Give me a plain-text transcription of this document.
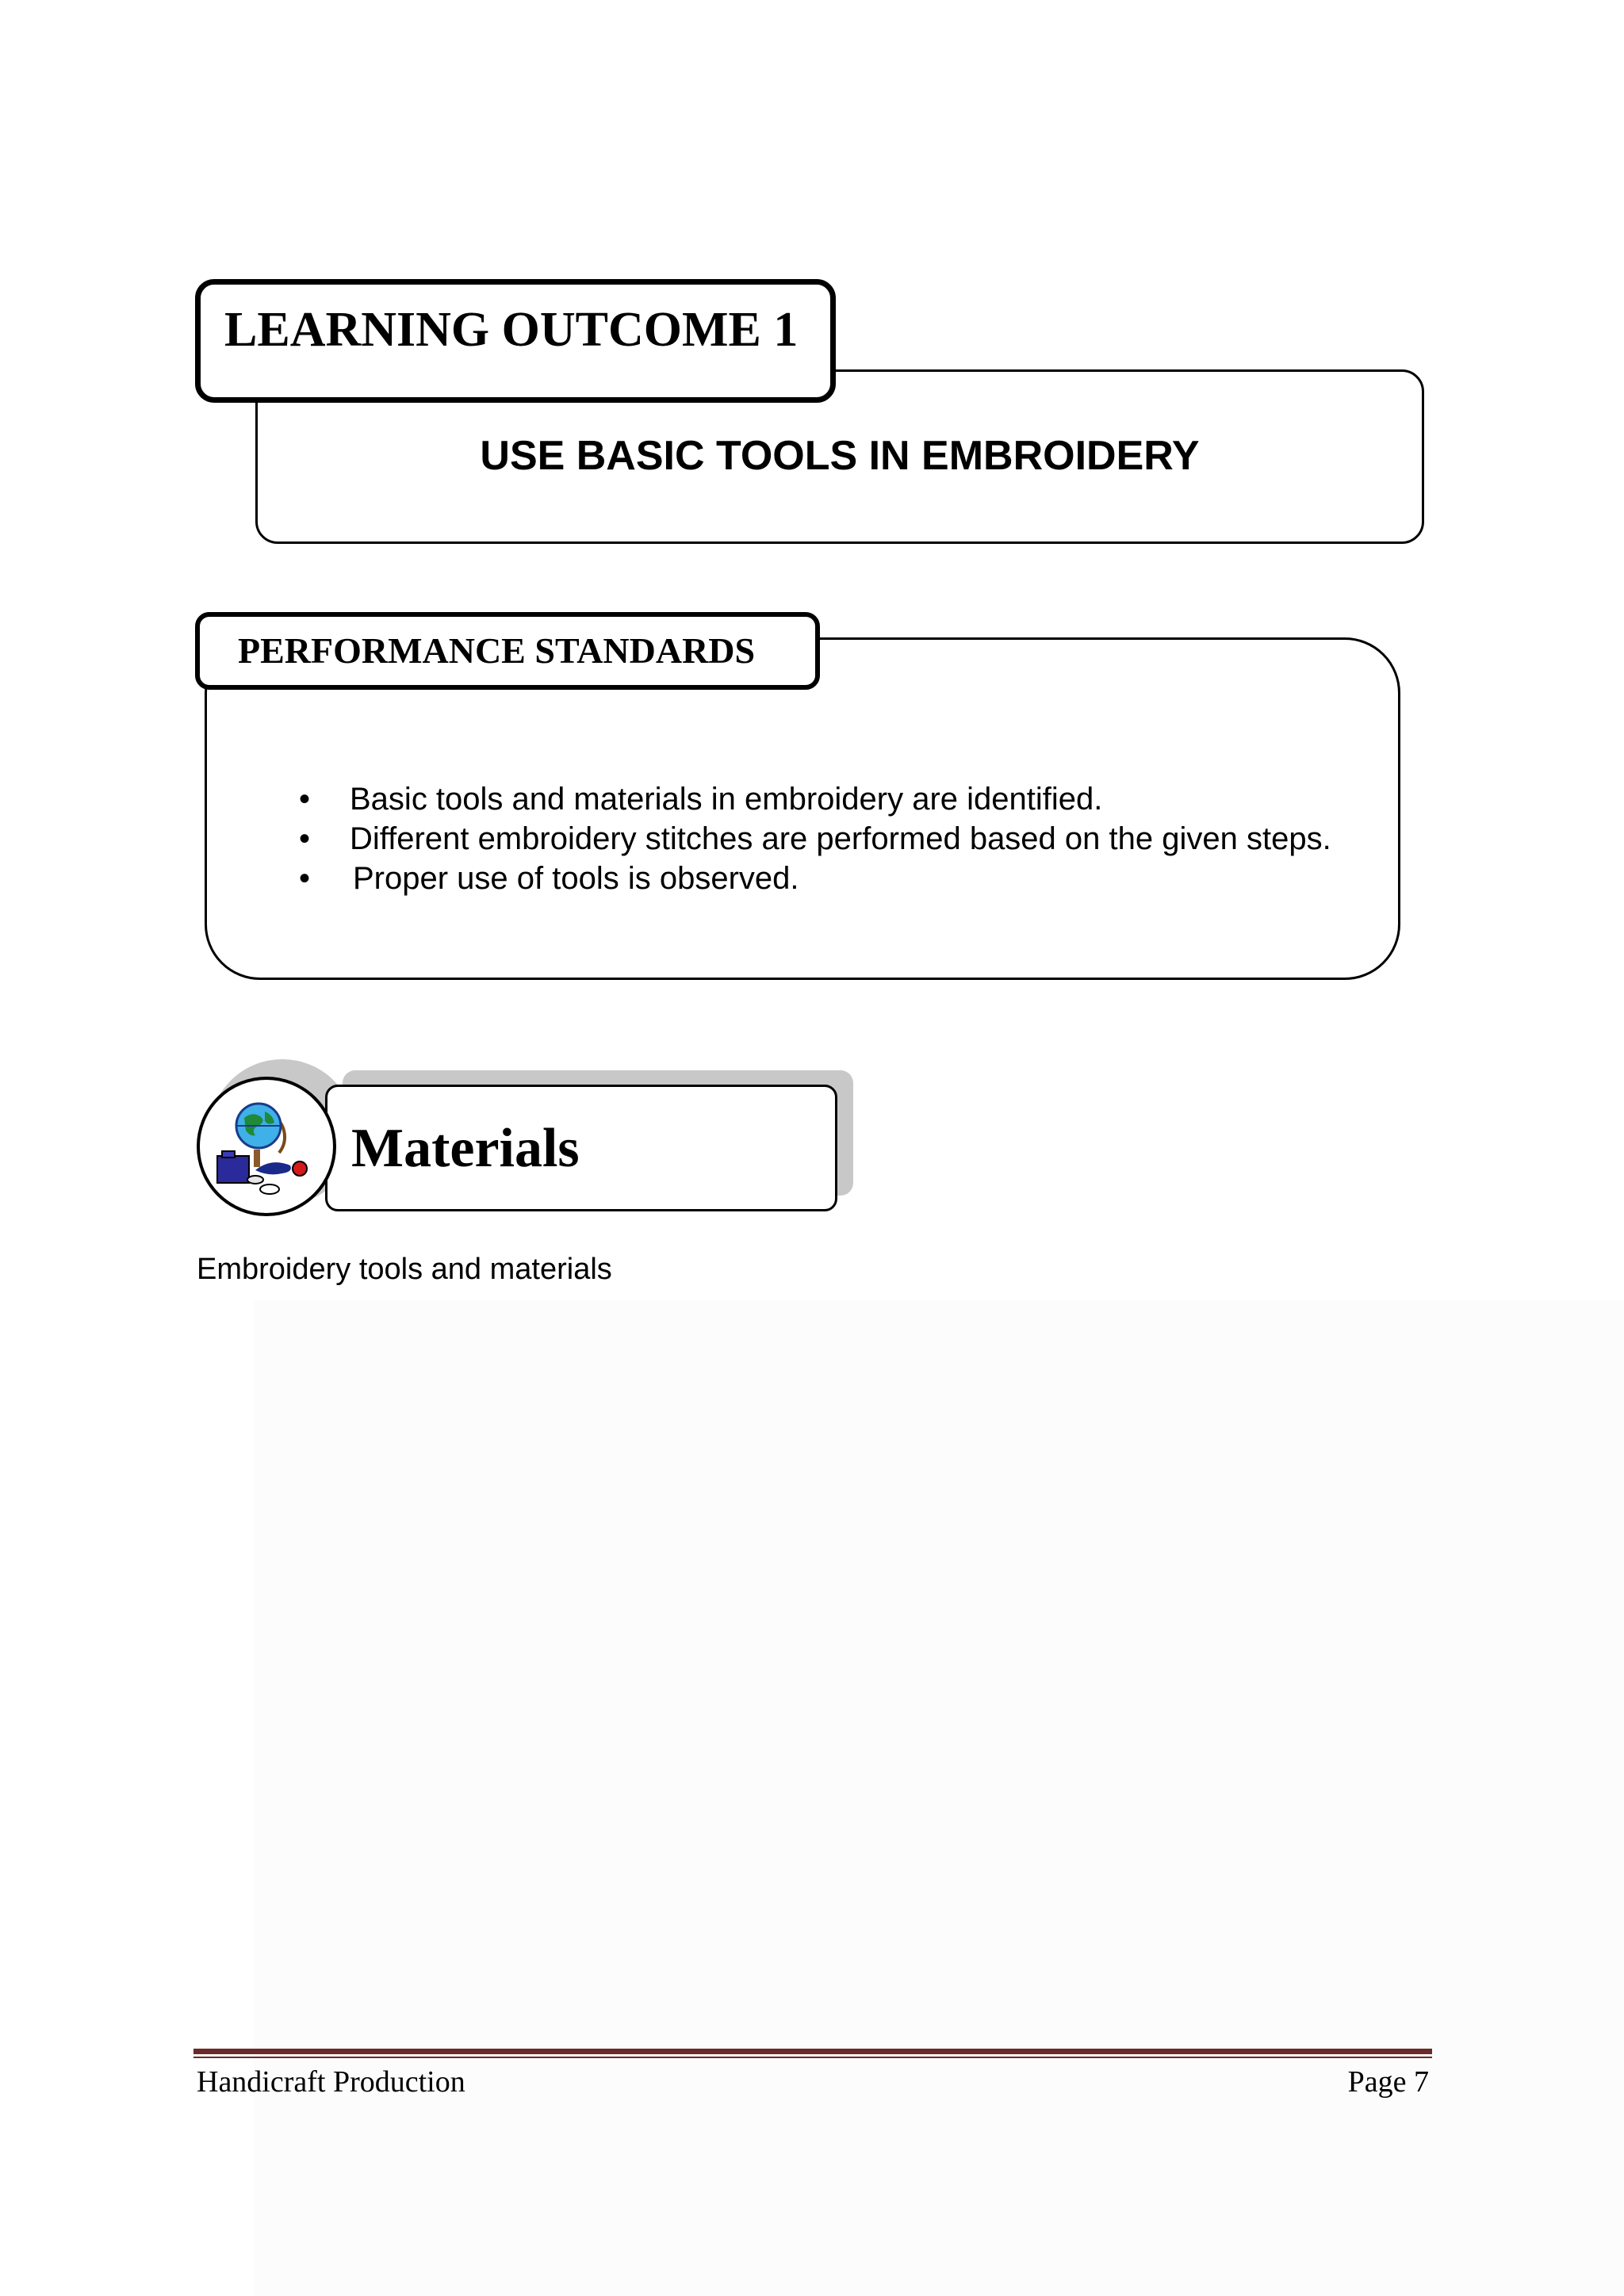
USE BASIC TOOLS IN EMBROIDERY
LEARNING OUTCOME 1
• Basic tools and materials in embroidery are identified.
• Different embroidery stitches are performed based on the given steps.
• Proper use of tools is observed.
PERFORMANCE STANDARDS
Materials
Embroidery tools and materials
Handicraft Production	Page 7
